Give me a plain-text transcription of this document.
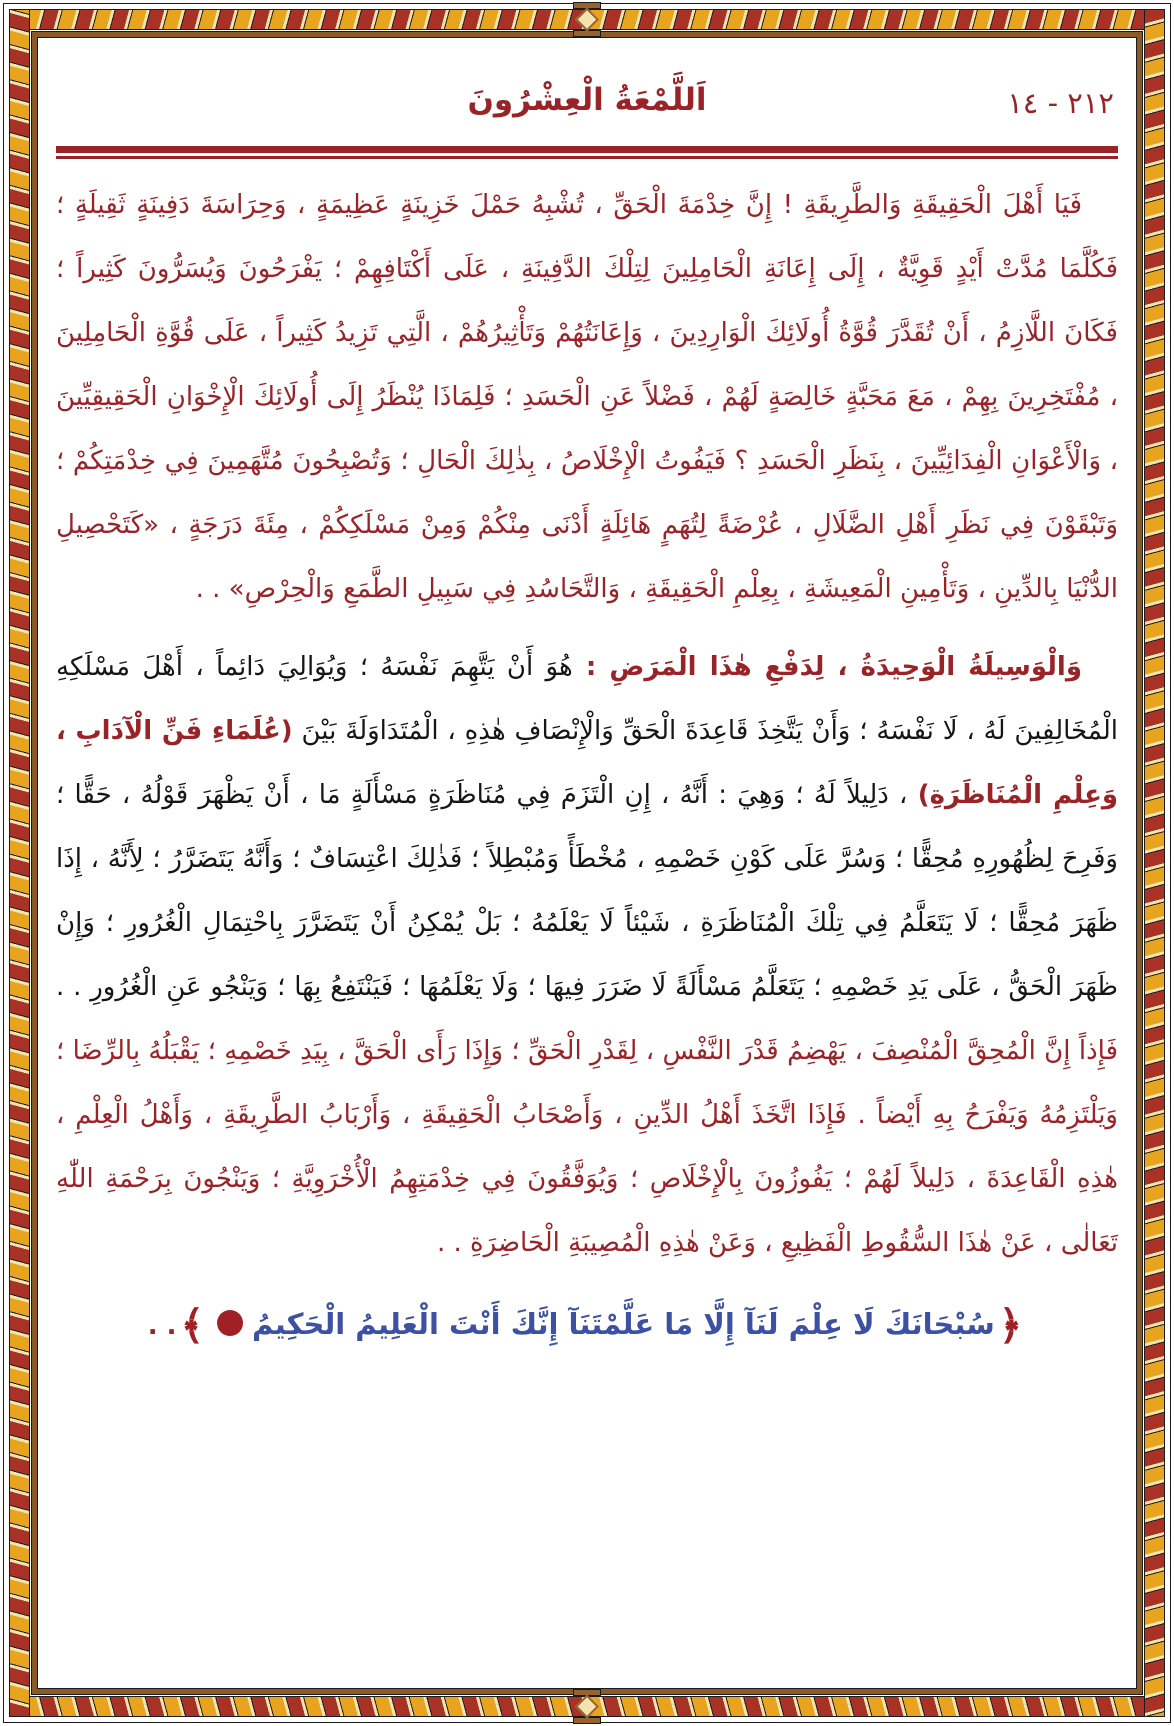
٢١٢ - ١٤
اَللَّمْعَةُ الْعِشْرُونَ

فَيَا أَهْلَ الْحَقِيقَةِ وَالطَّرِيقَةِ ! إِنَّ خِدْمَةَ الْحَقِّ ، تُشْبِهُ حَمْلَ خَزِينَةٍ عَظِيمَةٍ ، وَحِرَاسَةَ دَفِينَةٍ ثَقِيلَةٍ ؛ فَكُلَّمَا مُدَّتْ أَيْدٍ قَوِيَّةٌ ، إِلَى إِعَانَةِ الْحَامِلِينَ لِتِلْكَ الدَّفِينَةِ ، عَلَى أَكْتَافِهِمْ ؛ يَفْرَحُونَ وَيُسَرُّونَ كَثِيراً ؛ فَكَانَ اللَّازِمُ ، أَنْ تُقَدَّرَ قُوَّةُ أُولَائِكَ الْوَارِدِينَ ، وَإِعَانَتُهُمْ وَتَأْثِيرُهُمْ ، الَّتِي تَزِيدُ كَثِيراً ، عَلَى قُوَّةِ الْحَامِلِينَ ، مُفْتَخِرِينَ بِهِمْ ، مَعَ مَحَبَّةٍ خَالِصَةٍ لَهُمْ ، فَضْلاً عَنِ الْحَسَدِ ؛ فَلِمَاذَا يُنْظَرُ إِلَى أُولَائِكَ الْإِخْوَانِ الْحَقِيقِيِّينَ ، وَالْأَعْوَانِ الْفِدَائِيِّينَ ، بِنَظَرِ الْحَسَدِ ؟ فَيَفُوتُ الْإِخْلَاصُ ، بِذٰلِكَ الْحَالِ ؛ وَتُصْبِحُونَ مُتَّهَمِينَ فِي خِدْمَتِكُمْ ؛ وَتَبْقَوْنَ فِي نَظَرِ أَهْلِ الضَّلَالِ ، عُرْضَةً لِتُهَمٍ هَائِلَةٍ أَدْنَى مِنْكُمْ وَمِنْ مَسْلَكِكُمْ ، مِئَةَ دَرَجَةٍ ، «كَتَحْصِيلِ الدُّنْيَا بِالدِّينِ ، وَتَأْمِينِ الْمَعِيشَةِ ، بِعِلْمِ الْحَقِيقَةِ ، وَالتَّحَاسُدِ فِي سَبِيلِ الطَّمَعِ وَالْحِرْصِ» . .

وَالْوَسِيلَةُ الْوَحِيدَةُ ، لِدَفْعِ هٰذَا الْمَرَضِ : هُوَ أَنْ يَتَّهِمَ نَفْسَهُ ؛ وَيُوَالِيَ دَائِماً ، أَهْلَ مَسْلَكِهِ الْمُخَالِفِينَ لَهُ ، لَا نَفْسَهُ ؛ وَأَنْ يَتَّخِذَ قَاعِدَةَ الْحَقِّ وَالْإِنْصَافِ هٰذِهِ ، الْمُتَدَاوَلَةَ بَيْنَ (عُلَمَاءِ فَنِّ الْآدَابِ ، وَعِلْمِ الْمُنَاظَرَةِ) ، دَلِيلاً لَهُ ؛ وَهِيَ : أَنَّهُ ، إِنِ الْتَزَمَ فِي مُنَاظَرَةٍ مَسْأَلَةٍ مَا ، أَنْ يَظْهَرَ قَوْلُهُ ، حَقًّا ؛ وَفَرِحَ لِظُهُورِهِ مُحِقًّا ؛ وَسُرَّ عَلَى كَوْنِ خَصْمِهِ ، مُخْطَأً وَمُبْطِلاً ؛ فَذٰلِكَ اعْتِسَافٌ ؛ وَأَنَّهُ يَتَضَرَّرُ ؛ لِأَنَّهُ ، إِذَا ظَهَرَ مُحِقًّا ؛ لَا يَتَعَلَّمُ فِي تِلْكَ الْمُنَاظَرَةِ ، شَيْئاً لَا يَعْلَمُهُ ؛ بَلْ يُمْكِنُ أَنْ يَتَضَرَّرَ بِاحْتِمَالِ الْغُرُورِ ؛ وَإِنْ ظَهَرَ الْحَقُّ ، عَلَى يَدِ خَصْمِهِ ؛ يَتَعَلَّمُ مَسْأَلَةً لَا ضَرَرَ فِيهَا ؛ وَلَا يَعْلَمُهَا ؛ فَيَنْتَفِعُ بِهَا ؛ وَيَنْجُو عَنِ الْغُرُورِ . . فَإِذاً إِنَّ الْمُحِقَّ الْمُنْصِفَ ، يَهْضِمُ قَدْرَ النَّفْسِ ، لِقَدْرِ الْحَقِّ ؛ وَإِذَا رَأَى الْحَقَّ ، بِيَدِ خَصْمِهِ ؛ يَقْبَلُهُ بِالرِّضَا ؛ وَيَلْتَزِمُهُ وَيَفْرَحُ بِهِ أَيْضاً . فَإِذَا اتَّخَذَ أَهْلُ الدِّينِ ، وَأَصْحَابُ الْحَقِيقَةِ ، وَأَرْبَابُ الطَّرِيقَةِ ، وَأَهْلُ الْعِلْمِ ، هٰذِهِ الْقَاعِدَةَ ، دَلِيلاً لَهُمْ ؛ يَفُوزُونَ بِالْإِخْلَاصِ ؛ وَيُوَفَّقُونَ فِي خِدْمَتِهِمُ الْأُخْرَوِيَّةِ ؛ وَيَنْجُونَ بِرَحْمَةِ اللّٰهِ تَعَالٰى ، عَنْ هٰذَا السُّقُوطِ الْفَظِيعِ ، وَعَنْ هٰذِهِ الْمُصِيبَةِ الْحَاضِرَةِ . .

﴿سُبْحَانَكَ لَا عِلْمَ لَنَآ إِلَّا مَا عَلَّمْتَنَآ إِنَّكَ أَنْتَ الْعَلِيمُ الْحَكِيمُ﴾. .
